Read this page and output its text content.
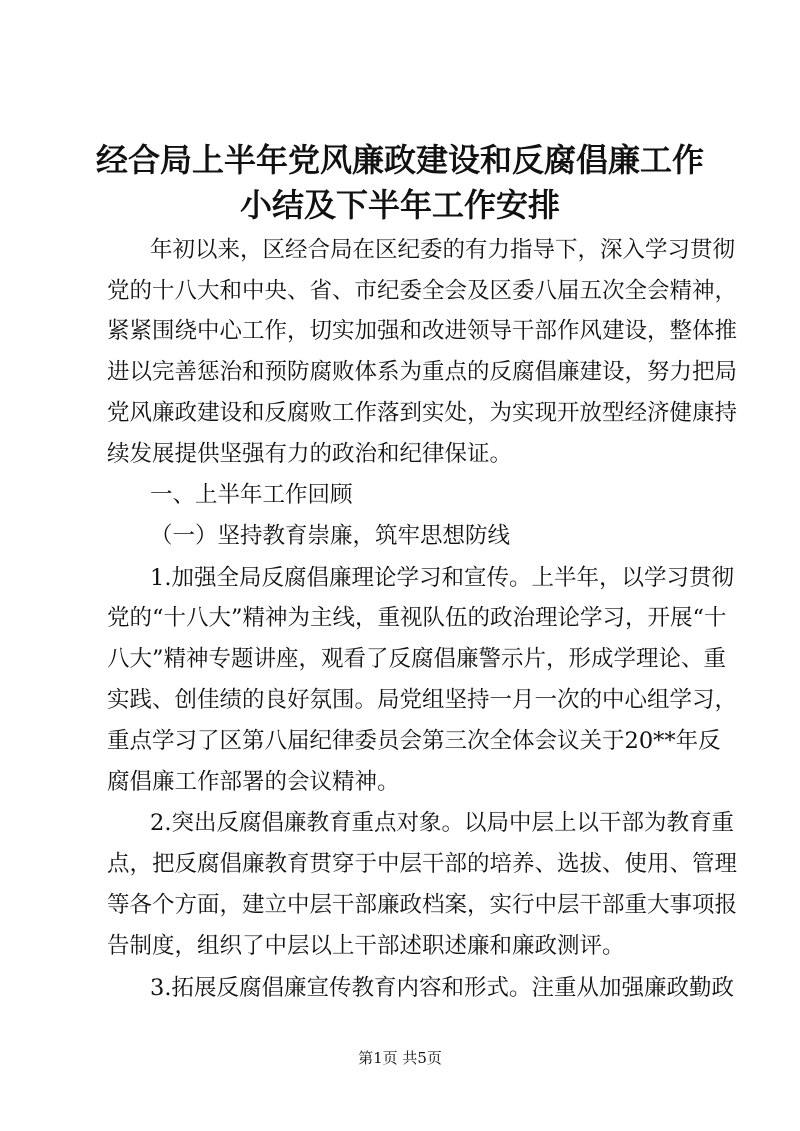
经合局上半年党风廉政建设和反腐倡廉工作小结及下半年工作安排
年初以来，区经合局在区纪委的有力指导下，深入学习贯彻
党的十八大和中央、省、市纪委全会及区委八届五次全会精神，
紧紧围绕中心工作，切实加强和改进领导干部作风建设，整体推
进以完善惩治和预防腐败体系为重点的反腐倡廉建设，努力把局
党风廉政建设和反腐败工作落到实处，为实现开放型经济健康持
续发展提供坚强有力的政治和纪律保证。
一、上半年工作回顾
（一）坚持教育崇廉，筑牢思想防线
1.加强全局反腐倡廉理论学习和宣传。上半年，以学习贯彻
党的“十八大”精神为主线，重视队伍的政治理论学习，开展“十
八大”精神专题讲座，观看了反腐倡廉警示片，形成学理论、重
实践、创佳绩的良好氛围。局党组坚持一月一次的中心组学习，
重点学习了区第八届纪律委员会第三次全体会议关于20**年反
腐倡廉工作部署的会议精神。
2.突出反腐倡廉教育重点对象。以局中层上以干部为教育重
点，把反腐倡廉教育贯穿于中层干部的培养、选拔、使用、管理
等各个方面，建立中层干部廉政档案，实行中层干部重大事项报
告制度，组织了中层以上干部述职述廉和廉政测评。
3.拓展反腐倡廉宣传教育内容和形式。注重从加强廉政勤政
第1页 共5页
